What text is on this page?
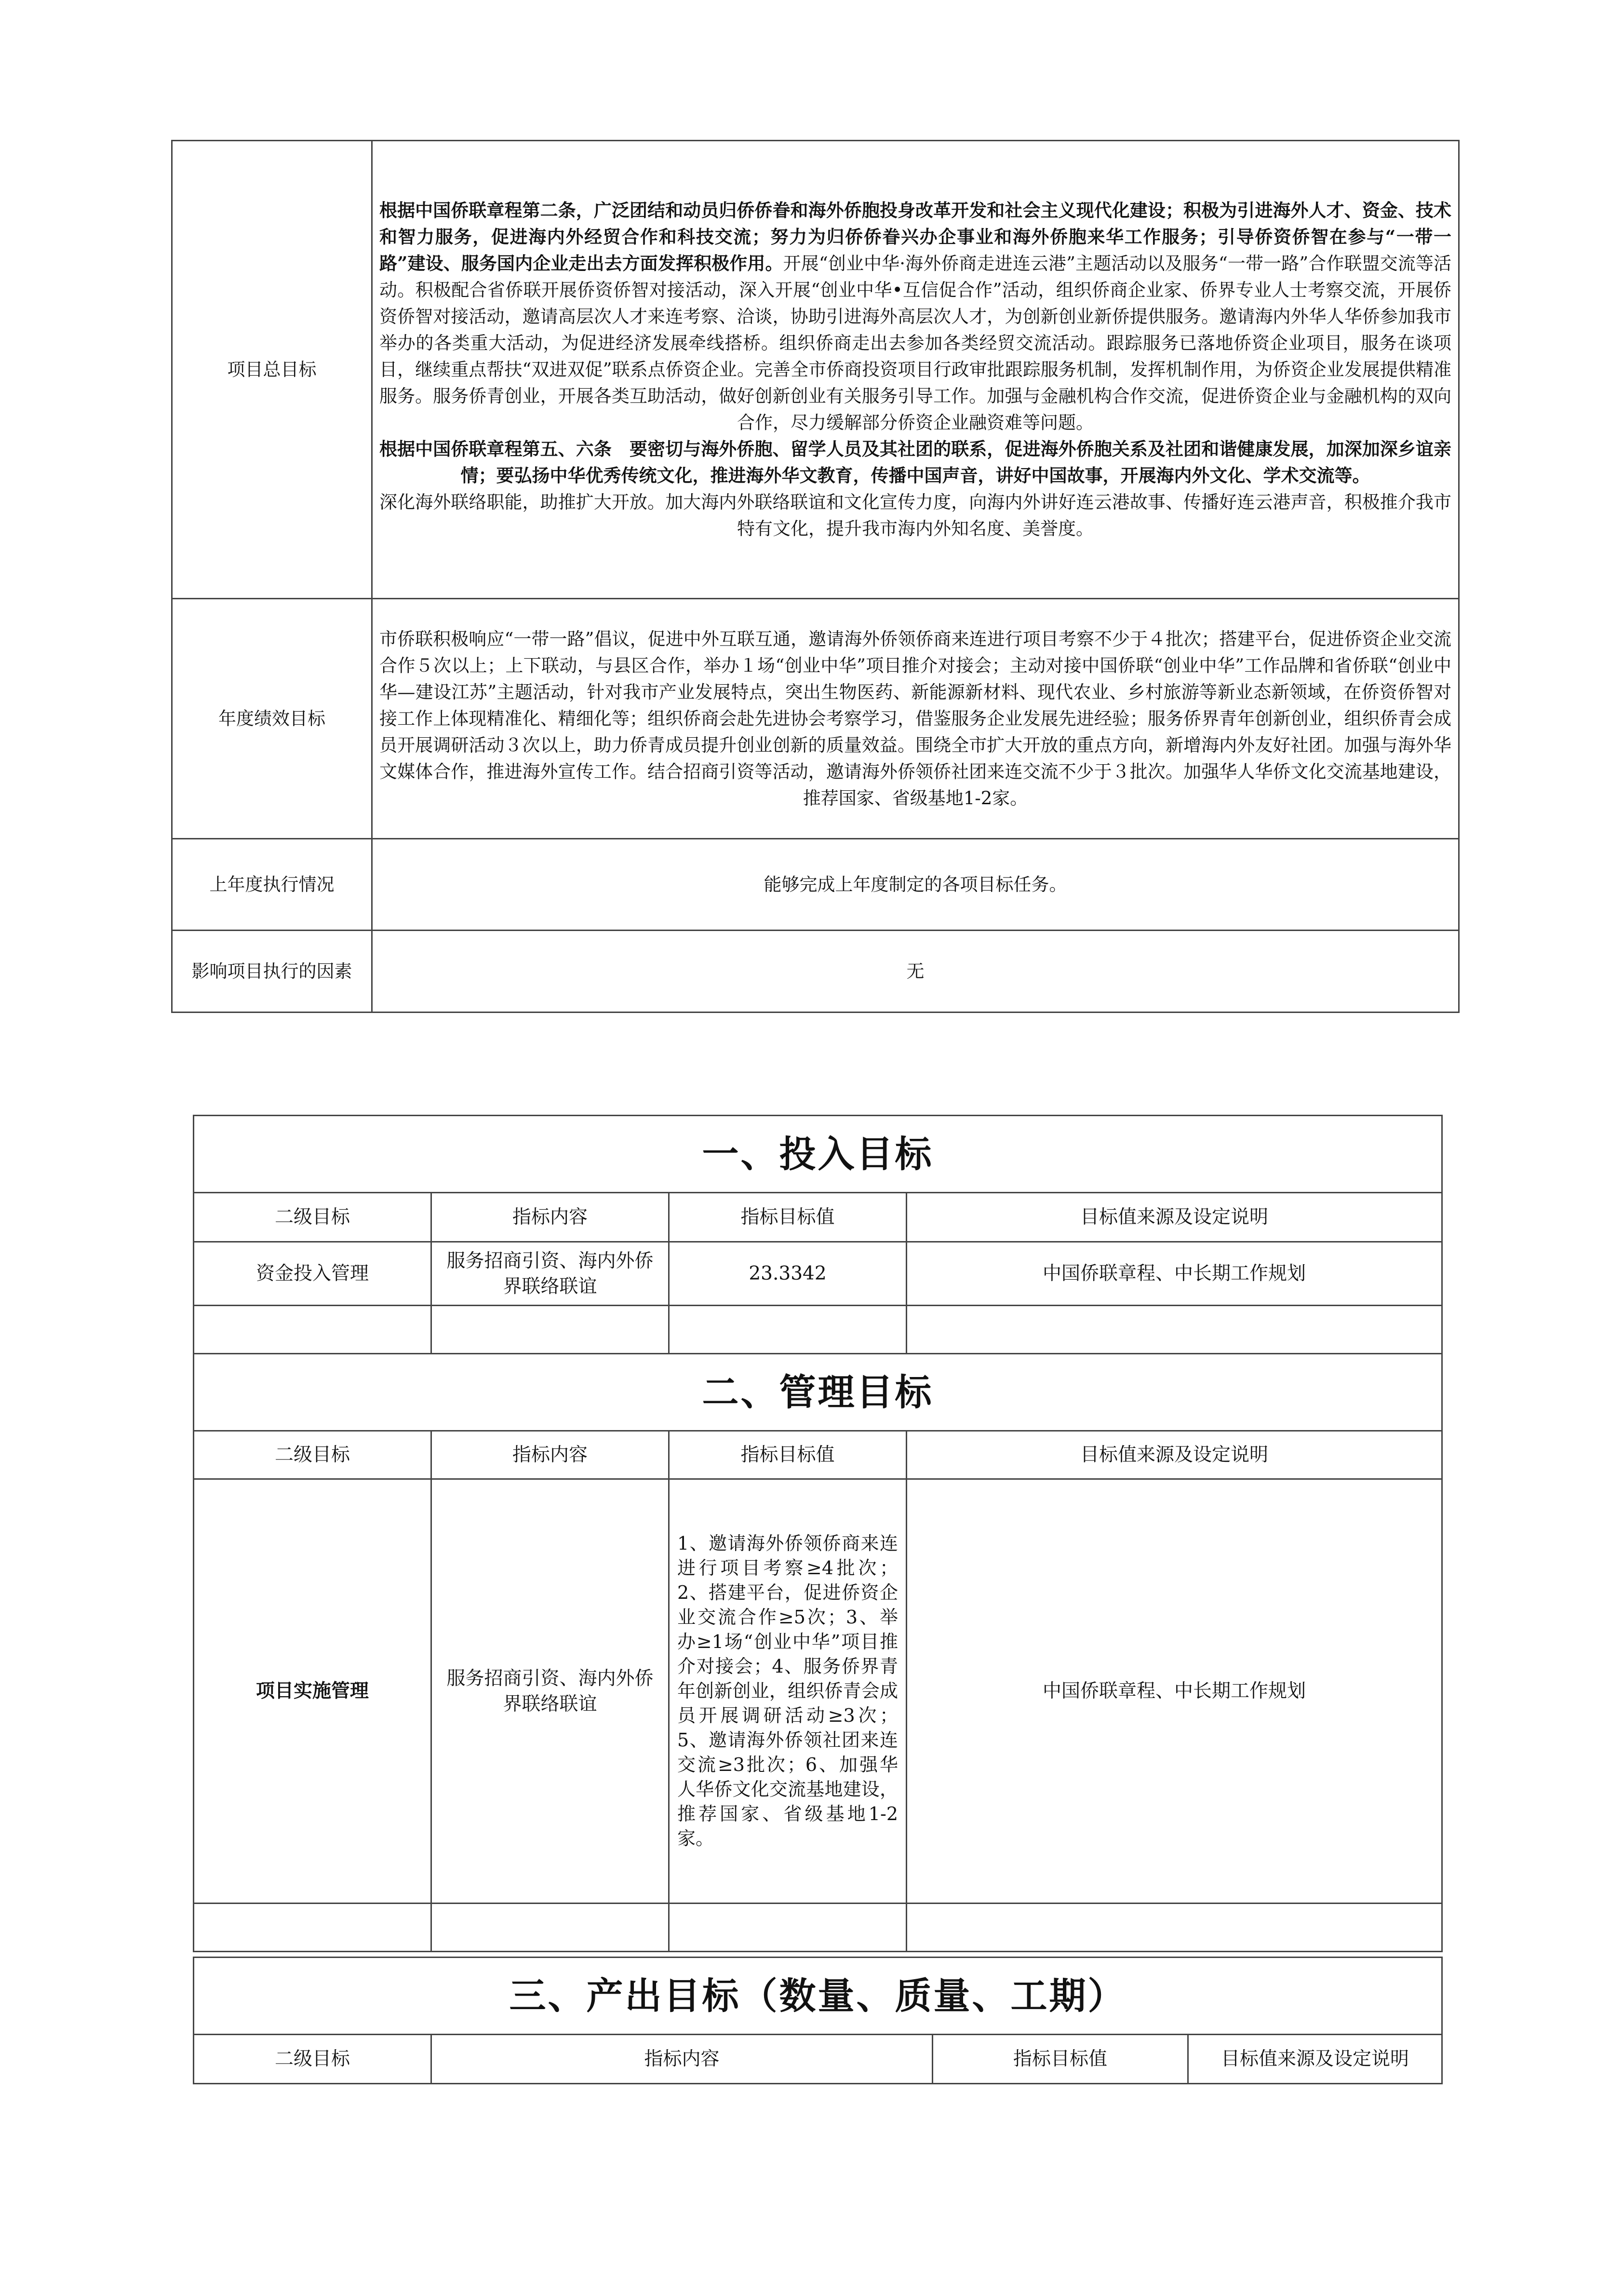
项目总目标	根据中国侨联章程第二条，广泛团结和动员归侨侨眷和海外侨胞投身改革开发和社会主义现代化建设；积极为引进海外人才、资金、技术和智力服务，促进海内外经贸合作和科技交流；努力为归侨侨眷兴办企事业和海外侨胞来华工作服务；引导侨资侨智在参与“一带一路”建设、服务国内企业走出去方面发挥积极作用。开展“创业中华·海外侨商走进连云港”主题活动以及服务“一带一路”合作联盟交流等活动。积极配合省侨联开展侨资侨智对接活动，深入开展“创业中华•互信促合作”活动，组织侨商企业家、侨界专业人士考察交流，开展侨资侨智对接活动，邀请高层次人才来连考察、洽谈，协助引进海外高层次人才，为创新创业新侨提供服务。邀请海内外华人华侨参加我市举办的各类重大活动，为促进经济发展牵线搭桥。组织侨商走出去参加各类经贸交流活动。跟踪服务已落地侨资企业项目，服务在谈项目，继续重点帮扶“双进双促”联系点侨资企业。完善全市侨商投资项目行政审批跟踪服务机制，发挥机制作用，为侨资企业发展提供精准服务。服务侨青创业，开展各类互助活动，做好创新创业有关服务引导工作。加强与金融机构合作交流，促进侨资企业与金融机构的双向合作，尽力缓解部分侨资企业融资难等问题。
根据中国侨联章程第五、六条　要密切与海外侨胞、留学人员及其社团的联系，促进海外侨胞关系及社团和谐健康发展，加深加深乡谊亲情；要弘扬中华优秀传统文化，推进海外华文教育，传播中国声音，讲好中国故事，开展海内外文化、学术交流等。
深化海外联络职能，助推扩大开放。加大海内外联络联谊和文化宣传力度，向海内外讲好连云港故事、传播好连云港声音，积极推介我市特有文化，提升我市海内外知名度、美誉度。
年度绩效目标	市侨联积极响应“一带一路”倡议，促进中外互联互通，邀请海外侨领侨商来连进行项目考察不少于４批次；搭建平台，促进侨资企业交流合作５次以上；上下联动，与县区合作，举办１场“创业中华”项目推介对接会；主动对接中国侨联“创业中华”工作品牌和省侨联“创业中华—建设江苏”主题活动，针对我市产业发展特点，突出生物医药、新能源新材料、现代农业、乡村旅游等新业态新领域，在侨资侨智对接工作上体现精准化、精细化等；组织侨商会赴先进协会考察学习，借鉴服务企业发展先进经验；服务侨界青年创新创业，组织侨青会成员开展调研活动３次以上，助力侨青成员提升创业创新的质量效益。围绕全市扩大开放的重点方向，新增海内外友好社团。加强与海外华文媒体合作，推进海外宣传工作。结合招商引资等活动，邀请海外侨领侨社团来连交流不少于３批次。加强华人华侨文化交流基地建设，推荐国家、省级基地1-2家。
上年度执行情况	能够完成上年度制定的各项目标任务。
影响项目执行的因素	无
一、投入目标			
二级目标	指标内容	指标目标值	目标值来源及设定说明
资金投入管理	服务招商引资、海内外侨界联络联谊	23.3342	中国侨联章程、中长期工作规划

二、管理目标			
二级目标	指标内容	指标目标值	目标值来源及设定说明
项目实施管理	服务招商引资、海内外侨界联络联谊	1、邀请海外侨领侨商来连进行项目考察≥4批次；2、搭建平台，促进侨资企业交流合作≥5次；3、举办≥1场“创业中华”项目推介对接会；4、服务侨界青年创新创业，组织侨青会成员开展调研活动≥3次；5、邀请海外侨领社团来连交流≥3批次；6、加强华人华侨文化交流基地建设，推荐国家、省级基地1-2家。	中国侨联章程、中长期工作规划

三、产出目标（数量、质量、工期）
二级目标	指标内容	指标目标值	目标值来源及设定说明
